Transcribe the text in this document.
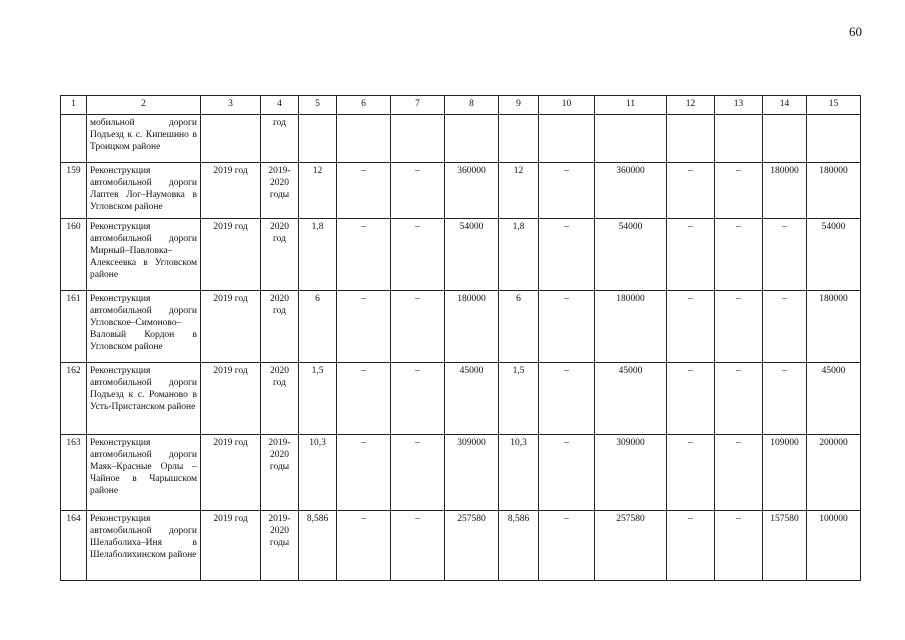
60
1	2	3	4	5	6	7	8	9	10	11	12	13	14	15
	мобильной дороги Подъезд к с. Кипешино в Троицком районе		год											
159	Реконструкция автомобильной дороги Лаптев Лог–Наумовка в Угловском районе	2019 год	2019-2020 годы	12	–	–	360000	12	–	360000	–	–	180000	180000
160	Реконструкция автомобильной дороги Мирный–Павловка–Алексеевка в Угловском районе	2019 год	2020 год	1,8	–	–	54000	1,8	–	54000	–	–	–	54000
161	Реконструкция автомобильной дороги Угловское–Симоново–Валовый Кордон в Угловском районе	2019 год	2020 год	6	–	–	180000	6	–	180000	–	–	–	180000
162	Реконструкция автомобильной дороги Подъезд к с. Романово в Усть-Пристанском районе	2019 год	2020 год	1,5	–	–	45000	1,5	–	45000	–	–	–	45000
163	Реконструкция автомобильной дороги Маяк–Красные Орлы – Чайное в Чарышском районе	2019 год	2019-2020 годы	10,3	–	–	309000	10,3	–	309000	–	–	109000	200000
164	Реконструкция автомобильной дороги Шелаболиха–Иня в Шелаболихинском районе	2019 год	2019-2020 годы	8,586	–	–	257580	8,586	–	257580	–	–	157580	100000
